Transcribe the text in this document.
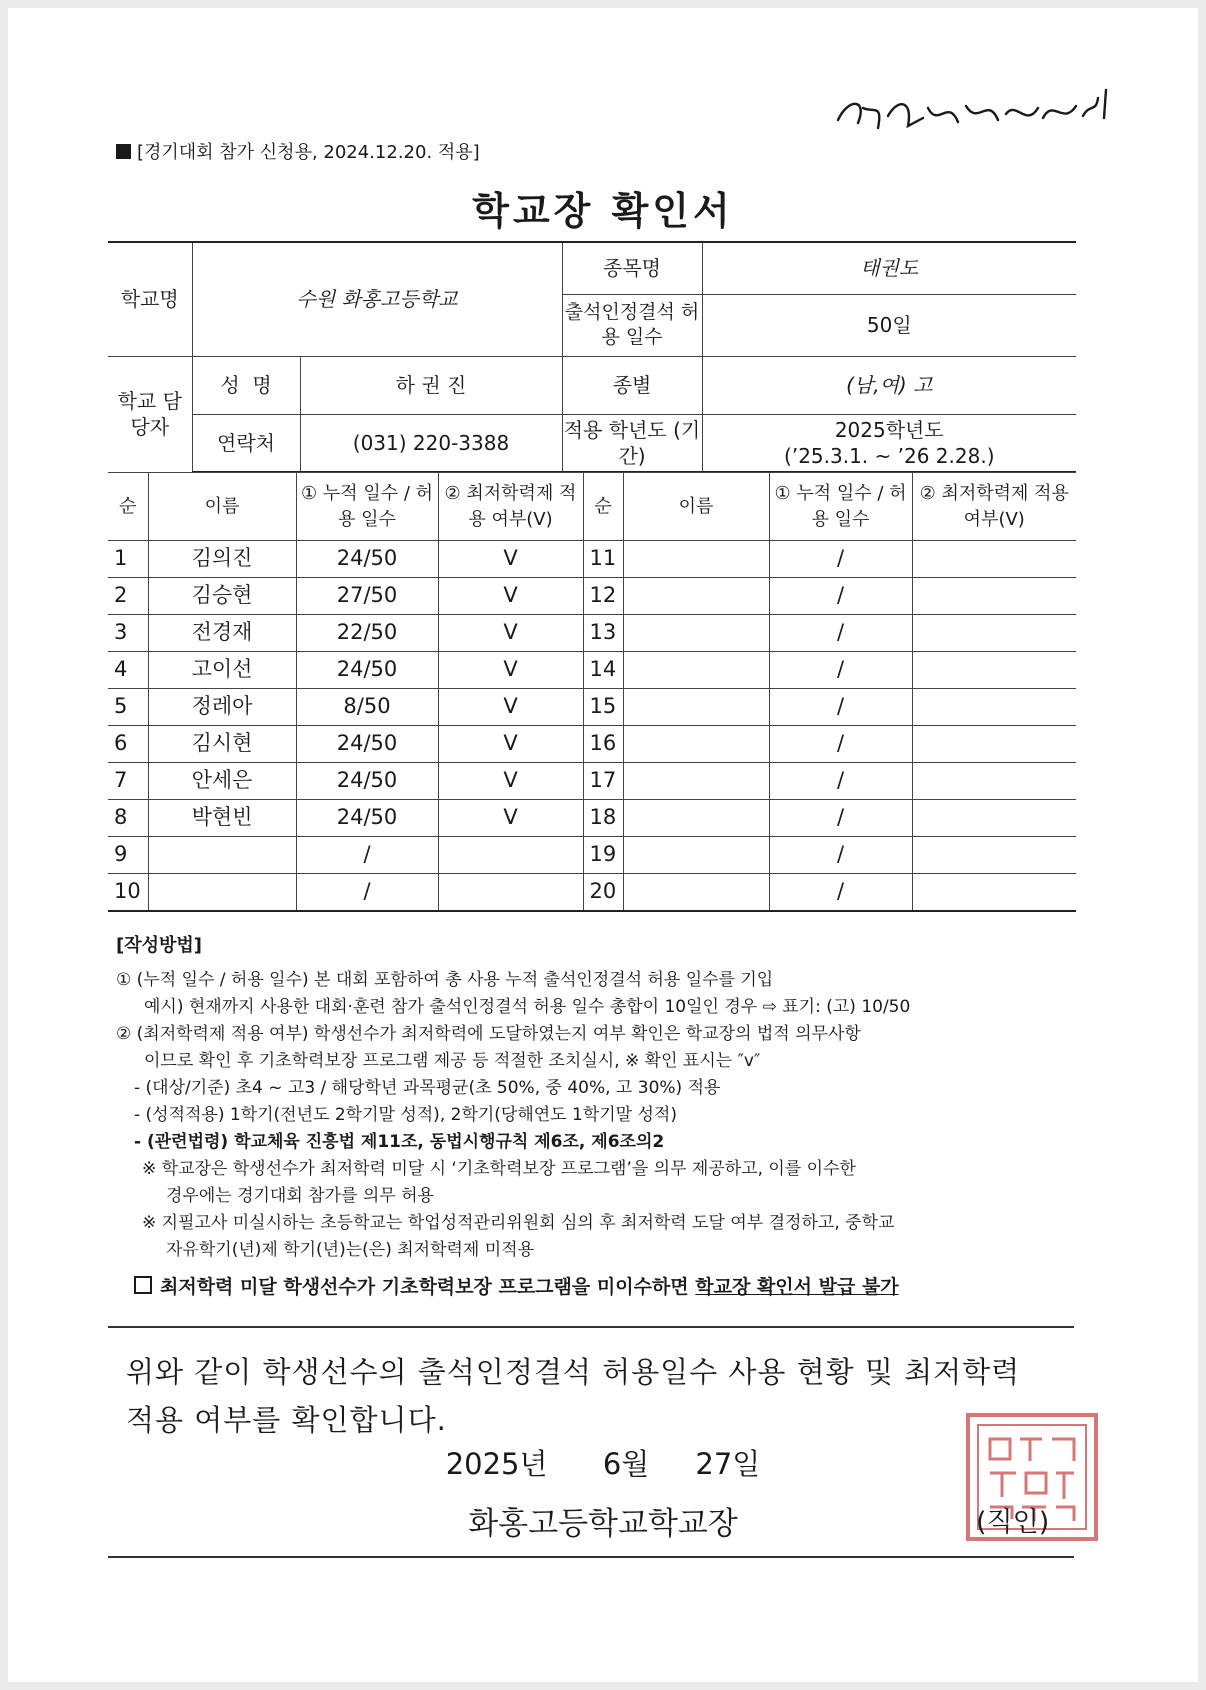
[경기대회 참가 신청용, 2024.12.20. 적용]
학교장 확인서
학교명	수원 화홍고등학교		종목명	태권도
			출석인정결석 허용 일수	50일
학교 담당자	성  명	하 권 진	종별	(남,여) 고
	연락처	(031) 220-3388	적용 학년도 (기간)	2025학년도
(’25.3.1. ~ ’26 2.28.)
순	이름	① 누적 일수 / 허용 일수	② 최저학력제 적용 여부(V)	순	이름	① 누적 일수 / 허용 일수	② 최저학력제 적용 여부(V)
1	김의진	24/50	V	11		/	
2	김승현	27/50	V	12		/	
3	전경재	22/50	V	13		/	
4	고이선	24/50	V	14		/	
5	정레아	8/50	V	15		/	
6	김시현	24/50	V	16		/	
7	안세은	24/50	V	17		/	
8	박현빈	24/50	V	18		/	
9		/		19		/	
10		/		20		/	
[작성방법]
① (누적 일수 / 허용 일수) 본 대회 포함하여 총 사용 누적 출석인정결석 허용 일수를 기입
예시) 현재까지 사용한 대회·훈련 참가 출석인정결석 허용 일수 총합이 10일인 경우 ⇨ 표기: (고) 10/50
② (최저학력제 적용 여부) 학생선수가 최저학력에 도달하였는지 여부 확인은 학교장의 법적 의무사항
이므로 확인 후 기초학력보장 프로그램 제공 등 적절한 조치실시, ※ 확인 표시는 ″v″
- (대상/기준) 초4 ~ 고3 / 해당학년 과목평균(초 50%, 중 40%, 고 30%) 적용
- (성적적용) 1학기(전년도 2학기말 성적), 2학기(당해연도 1학기말 성적)
- (관련법령) 학교체육 진흥법 제11조, 동법시행규칙 제6조, 제6조의2
※ 학교장은 학생선수가 최저학력 미달 시 ‘기초학력보장 프로그램’을 의무 제공하고, 이를 이수한
경우에는 경기대회 참가를 의무 허용
※ 지필고사 미실시하는 초등학교는 학업성적관리위원회 심의 후 최저학력 도달 여부 결정하고, 중학교
자유학기(년)제 학기(년)는(은) 최저학력제 미적용
최저학력 미달 학생선수가 기초학력보장 프로그램을 미이수하면 학교장 확인서 발급 불가
위와 같이 학생선수의 출석인정결석 허용일수 사용 현황 및 최저학력
적용 여부를 확인합니다.
2025년      6월     27일
화홍고등학교학교장	(직인)
